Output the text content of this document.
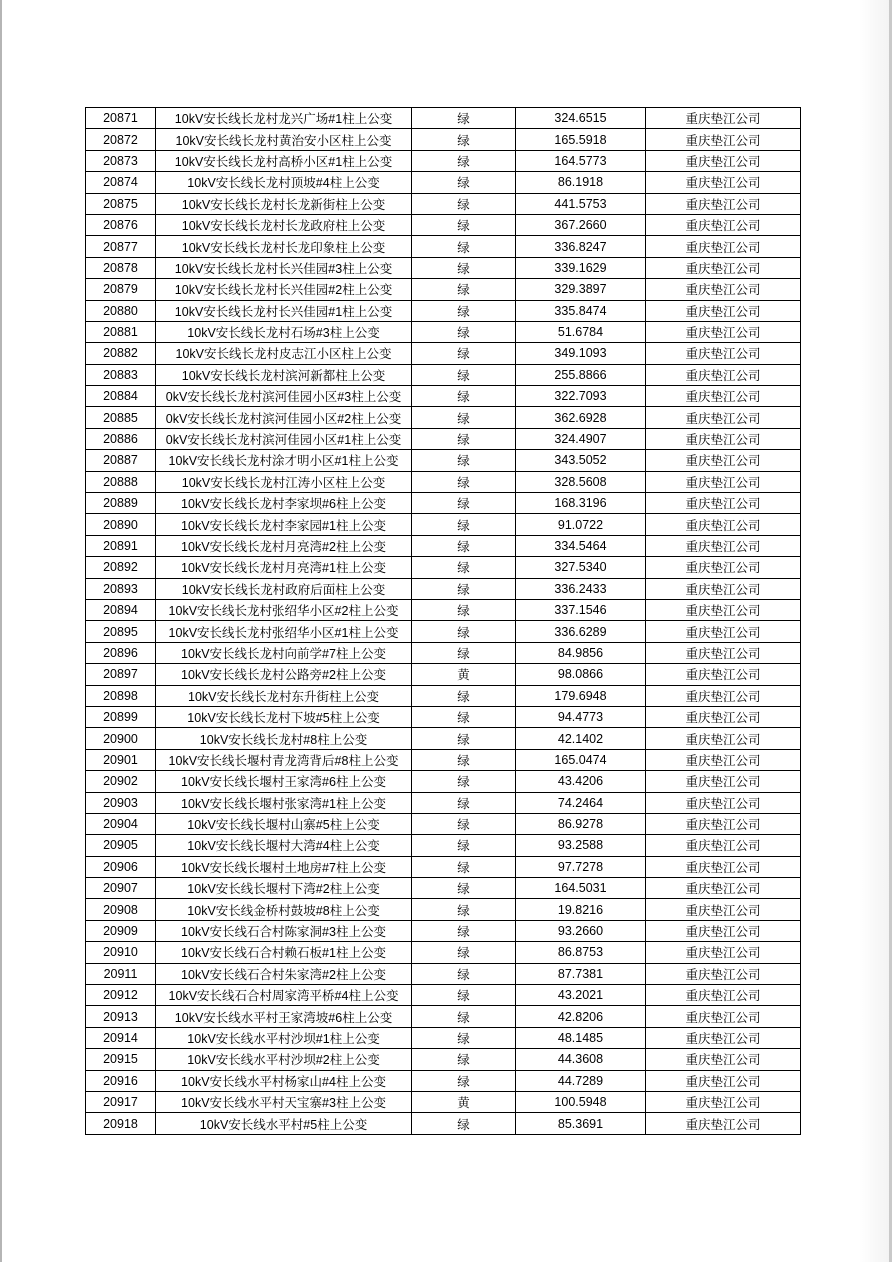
20871	10kV安长线长龙村龙兴广场#1柱上公变	绿	324.6515	重庆垫江公司
20872	10kV安长线长龙村黄治安小区柱上公变	绿	165.5918	重庆垫江公司
20873	10kV安长线长龙村高桥小区#1柱上公变	绿	164.5773	重庆垫江公司
20874	10kV安长线长龙村顶坡#4柱上公变	绿	86.1918	重庆垫江公司
20875	10kV安长线长龙村长龙新街柱上公变	绿	441.5753	重庆垫江公司
20876	10kV安长线长龙村长龙政府柱上公变	绿	367.2660	重庆垫江公司
20877	10kV安长线长龙村长龙印象柱上公变	绿	336.8247	重庆垫江公司
20878	10kV安长线长龙村长兴佳园#3柱上公变	绿	339.1629	重庆垫江公司
20879	10kV安长线长龙村长兴佳园#2柱上公变	绿	329.3897	重庆垫江公司
20880	10kV安长线长龙村长兴佳园#1柱上公变	绿	335.8474	重庆垫江公司
20881	10kV安长线长龙村石场#3柱上公变	绿	51.6784	重庆垫江公司
20882	10kV安长线长龙村皮志江小区柱上公变	绿	349.1093	重庆垫江公司
20883	10kV安长线长龙村滨河新都柱上公变	绿	255.8866	重庆垫江公司
20884	0kV安长线长龙村滨河佳园小区#3柱上公变	绿	322.7093	重庆垫江公司
20885	0kV安长线长龙村滨河佳园小区#2柱上公变	绿	362.6928	重庆垫江公司
20886	0kV安长线长龙村滨河佳园小区#1柱上公变	绿	324.4907	重庆垫江公司
20887	10kV安长线长龙村涂才明小区#1柱上公变	绿	343.5052	重庆垫江公司
20888	10kV安长线长龙村江涛小区柱上公变	绿	328.5608	重庆垫江公司
20889	10kV安长线长龙村李家坝#6柱上公变	绿	168.3196	重庆垫江公司
20890	10kV安长线长龙村李家园#1柱上公变	绿	91.0722	重庆垫江公司
20891	10kV安长线长龙村月亮湾#2柱上公变	绿	334.5464	重庆垫江公司
20892	10kV安长线长龙村月亮湾#1柱上公变	绿	327.5340	重庆垫江公司
20893	10kV安长线长龙村政府后面柱上公变	绿	336.2433	重庆垫江公司
20894	10kV安长线长龙村张绍华小区#2柱上公变	绿	337.1546	重庆垫江公司
20895	10kV安长线长龙村张绍华小区#1柱上公变	绿	336.6289	重庆垫江公司
20896	10kV安长线长龙村向前学#7柱上公变	绿	84.9856	重庆垫江公司
20897	10kV安长线长龙村公路旁#2柱上公变	黄	98.0866	重庆垫江公司
20898	10kV安长线长龙村东升街柱上公变	绿	179.6948	重庆垫江公司
20899	10kV安长线长龙村下坡#5柱上公变	绿	94.4773	重庆垫江公司
20900	10kV安长线长龙村#8柱上公变	绿	42.1402	重庆垫江公司
20901	10kV安长线长堰村青龙湾背后#8柱上公变	绿	165.0474	重庆垫江公司
20902	10kV安长线长堰村王家湾#6柱上公变	绿	43.4206	重庆垫江公司
20903	10kV安长线长堰村张家湾#1柱上公变	绿	74.2464	重庆垫江公司
20904	10kV安长线长堰村山寨#5柱上公变	绿	86.9278	重庆垫江公司
20905	10kV安长线长堰村大湾#4柱上公变	绿	93.2588	重庆垫江公司
20906	10kV安长线长堰村土地房#7柱上公变	绿	97.7278	重庆垫江公司
20907	10kV安长线长堰村下湾#2柱上公变	绿	164.5031	重庆垫江公司
20908	10kV安长线金桥村鼓坡#8柱上公变	绿	19.8216	重庆垫江公司
20909	10kV安长线石合村陈家洞#3柱上公变	绿	93.2660	重庆垫江公司
20910	10kV安长线石合村赖石板#1柱上公变	绿	86.8753	重庆垫江公司
20911	10kV安长线石合村朱家湾#2柱上公变	绿	87.7381	重庆垫江公司
20912	10kV安长线石合村周家湾平桥#4柱上公变	绿	43.2021	重庆垫江公司
20913	10kV安长线水平村王家湾坡#6柱上公变	绿	42.8206	重庆垫江公司
20914	10kV安长线水平村沙坝#1柱上公变	绿	48.1485	重庆垫江公司
20915	10kV安长线水平村沙坝#2柱上公变	绿	44.3608	重庆垫江公司
20916	10kV安长线水平村杨家山#4柱上公变	绿	44.7289	重庆垫江公司
20917	10kV安长线水平村天宝寨#3柱上公变	黄	100.5948	重庆垫江公司
20918	10kV安长线水平村#5柱上公变	绿	85.3691	重庆垫江公司
